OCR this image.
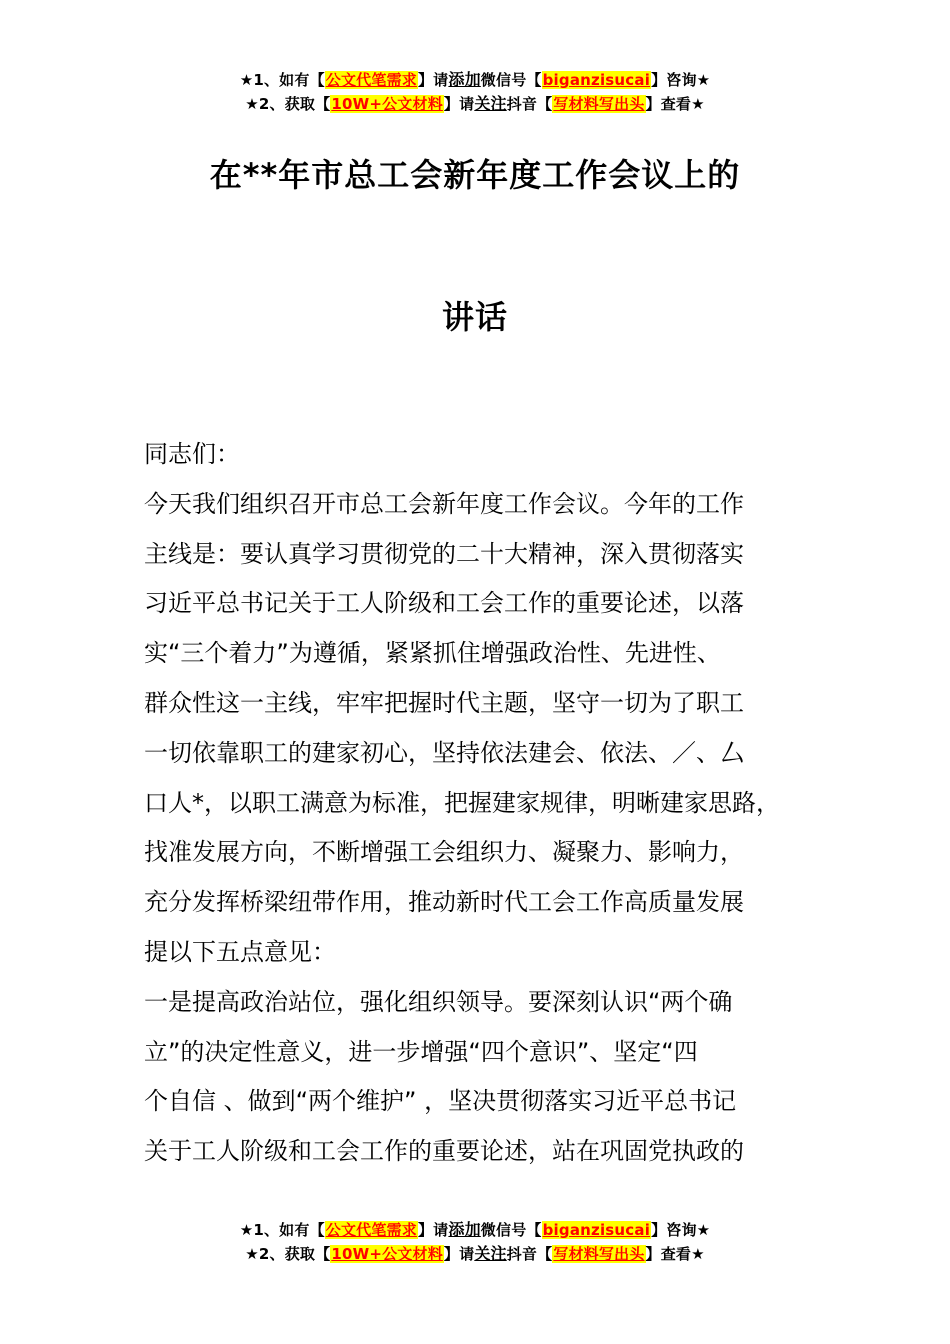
★1、如有【公文代笔需求】请添加微信号【biganzisucai】咨询★
★2、获取【10W+公文材料】请关注抖音【写材料写出头】查看★
在**年市总工会新年度工作会议上的
讲话
同志们：
今天我们组织召开市总工会新年度工作会议。今年的工作
主线是：要认真学习贯彻党的二十大精神，深入贯彻落实
习近平总书记关于工人阶级和工会工作的重要论述，以落
实“三个着力”为遵循，紧紧抓住增强政治性、先进性、
群众性这一主线，牢牢把握时代主题，坚守一切为了职工
一切依靠职工的建家初心，坚持依法建会、依法、／、厶
口人*，以职工满意为标准，把握建家规律，明晰建家思路，
找准发展方向，不断增强工会组织力、凝聚力、影响力，
充分发挥桥梁纽带作用，推动新时代工会工作高质量发展
提以下五点意见：
一是提高政治站位，强化组织领导。要深刻认识“两个确
立”的决定性意义，进一步增强“四个意识”、坚定“四
个自信 、做到“两个维护” ，坚决贯彻落实习近平总书记
关于工人阶级和工会工作的重要论述，站在巩固党执政的
★1、如有【公文代笔需求】请添加微信号【biganzisucai】咨询★
★2、获取【10W+公文材料】请关注抖音【写材料写出头】查看★
